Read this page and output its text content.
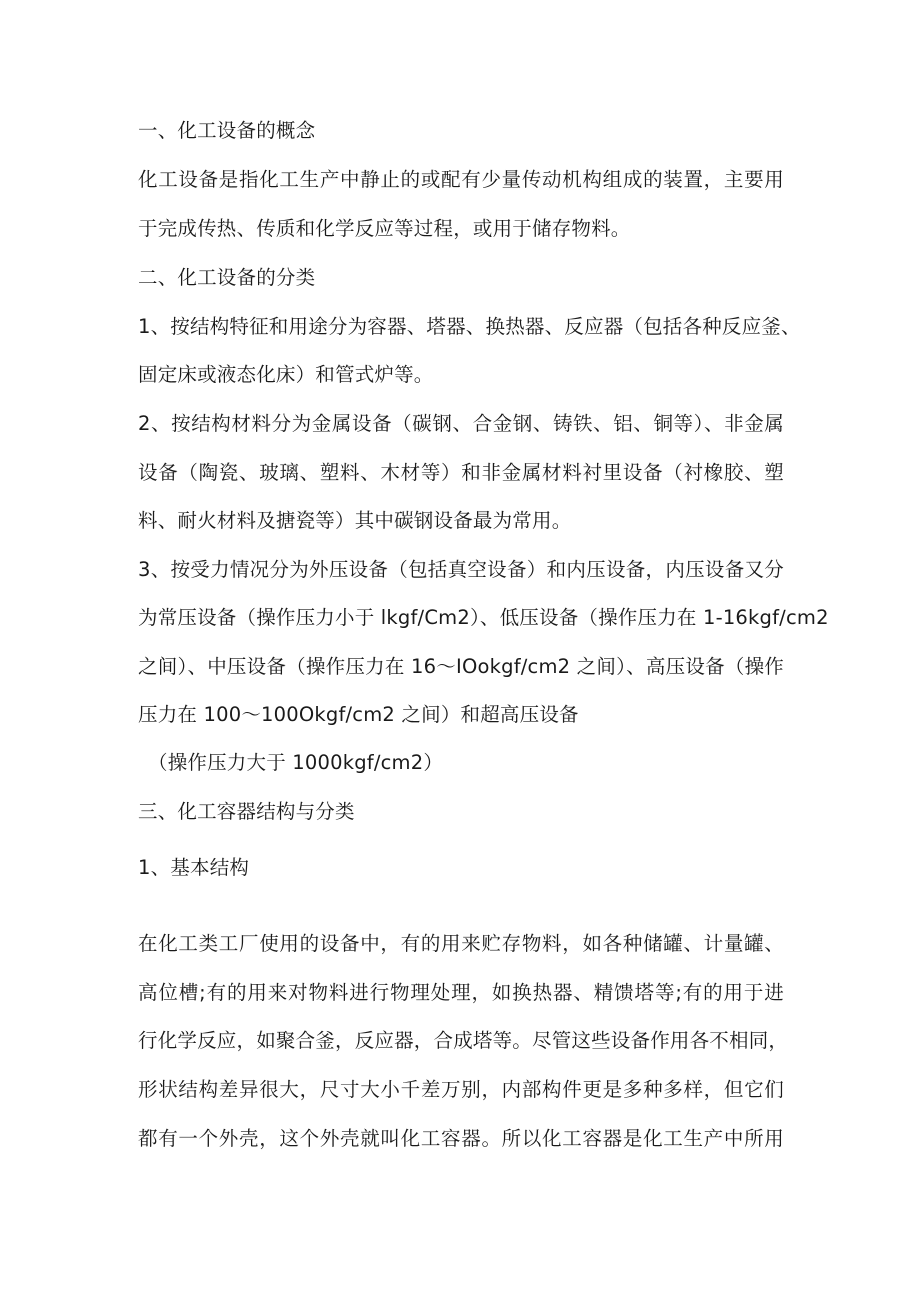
一、化工设备的概念
化工设备是指化工生产中静止的或配有少量传动机构组成的装置，主要用
于完成传热、传质和化学反应等过程，或用于储存物料。
二、化工设备的分类
1、按结构特征和用途分为容器、塔器、换热器、反应器（包括各种反应釜、
固定床或液态化床）和管式炉等。
2、按结构材料分为金属设备（碳钢、合金钢、铸铁、铝、铜等）、非金属
设备（陶瓷、玻璃、塑料、木材等）和非金属材料衬里设备（衬橡胶、塑
料、耐火材料及搪瓷等）其中碳钢设备最为常用。
3、按受力情况分为外压设备（包括真空设备）和内压设备，内压设备又分
为常压设备（操作压力小于 lkgf∕Cm2）、低压设备（操作压力在 1-16kgf∕cm2
之间）、中压设备（操作压力在 16～IOokgf∕cm2 之间）、高压设备（操作
压力在 100～100Okgf/cm2 之间）和超高压设备
（操作压力大于 1000kgf∕cm2）
三、化工容器结构与分类
1、基本结构
在化工类工厂使用的设备中，有的用来贮存物料，如各种储罐、计量罐、
高位槽;有的用来对物料进行物理处理，如换热器、精馈塔等;有的用于进
行化学反应，如聚合釜，反应器，合成塔等。尽管这些设备作用各不相同，
形状结构差异很大，尺寸大小千差万别，内部构件更是多种多样，但它们
都有一个外壳，这个外壳就叫化工容器。所以化工容器是化工生产中所用
